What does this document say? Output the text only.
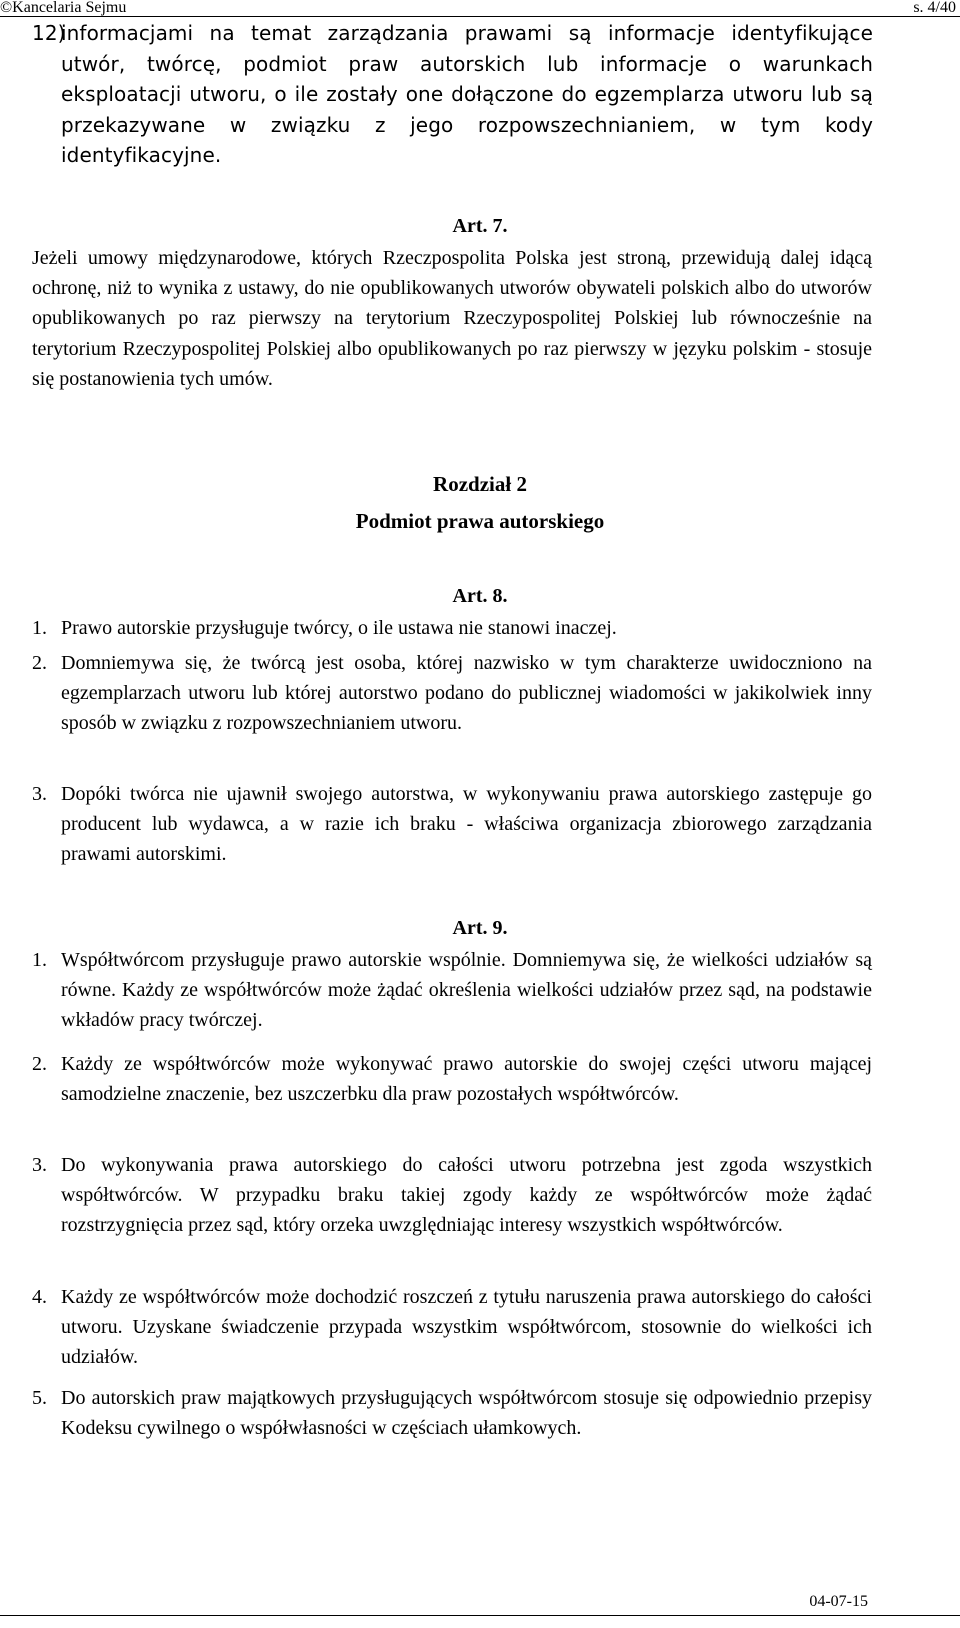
©Kancelaria Sejmu	s. 4/40
12)
informacjami na temat zarządzania prawami są informacje identyfikujące utwór, twórcę, podmiot praw autorskich lub informacje o warunkach eksploatacji utworu, o ile zostały one dołączone do egzemplarza utworu lub są przekazywane w związku z jego rozpowszechnianiem, w tym kody identyfikacyjne.
Art. 7.
Jeżeli umowy międzynarodowe, których Rzeczpospolita Polska jest stroną, przewidują dalej idącą ochronę, niż to wynika z ustawy, do nie opublikowanych utworów obywateli polskich albo do utworów opublikowanych po raz pierwszy na terytorium Rzeczypospolitej Polskiej lub równocześnie na terytorium Rzeczypospolitej Polskiej albo opublikowanych po raz pierwszy w języku polskim - stosuje się postanowienia tych umów.
Rozdział 2
Podmiot prawa autorskiego
Art. 8.
1. Prawo autorskie przysługuje twórcy, o ile ustawa nie stanowi inaczej.
2. Domniemywa się, że twórcą jest osoba, której nazwisko w tym charakterze uwidoczniono na egzemplarzach utworu lub której autorstwo podano do publicznej wiadomości w jakikolwiek inny sposób w związku z rozpowszechnianiem utworu.
3. Dopóki twórca nie ujawnił swojego autorstwa, w wykonywaniu prawa autorskiego zastępuje go producent lub wydawca, a w razie ich braku - właściwa organizacja zbiorowego zarządzania prawami autorskimi.
Art. 9.
1. Współtwórcom przysługuje prawo autorskie wspólnie. Domniemywa się, że wielkości udziałów są równe. Każdy ze współtwórców może żądać określenia wielkości udziałów przez sąd, na podstawie wkładów pracy twórczej.
2. Każdy ze współtwórców może wykonywać prawo autorskie do swojej części utworu mającej samodzielne znaczenie, bez uszczerbku dla praw pozostałych współtwórców.
3. Do wykonywania prawa autorskiego do całości utworu potrzebna jest zgoda wszystkich współtwórców. W przypadku braku takiej zgody każdy ze współtwórców może żądać rozstrzygnięcia przez sąd, który orzeka uwzględniając interesy wszystkich współtwórców.
4. Każdy ze współtwórców może dochodzić roszczeń z tytułu naruszenia prawa autorskiego do całości utworu. Uzyskane świadczenie przypada wszystkim współtwórcom, stosownie do wielkości ich udziałów.
5. Do autorskich praw majątkowych przysługujących współtwórcom stosuje się odpowiednio przepisy Kodeksu cywilnego o współwłasności w częściach ułamkowych.
04-07-15
